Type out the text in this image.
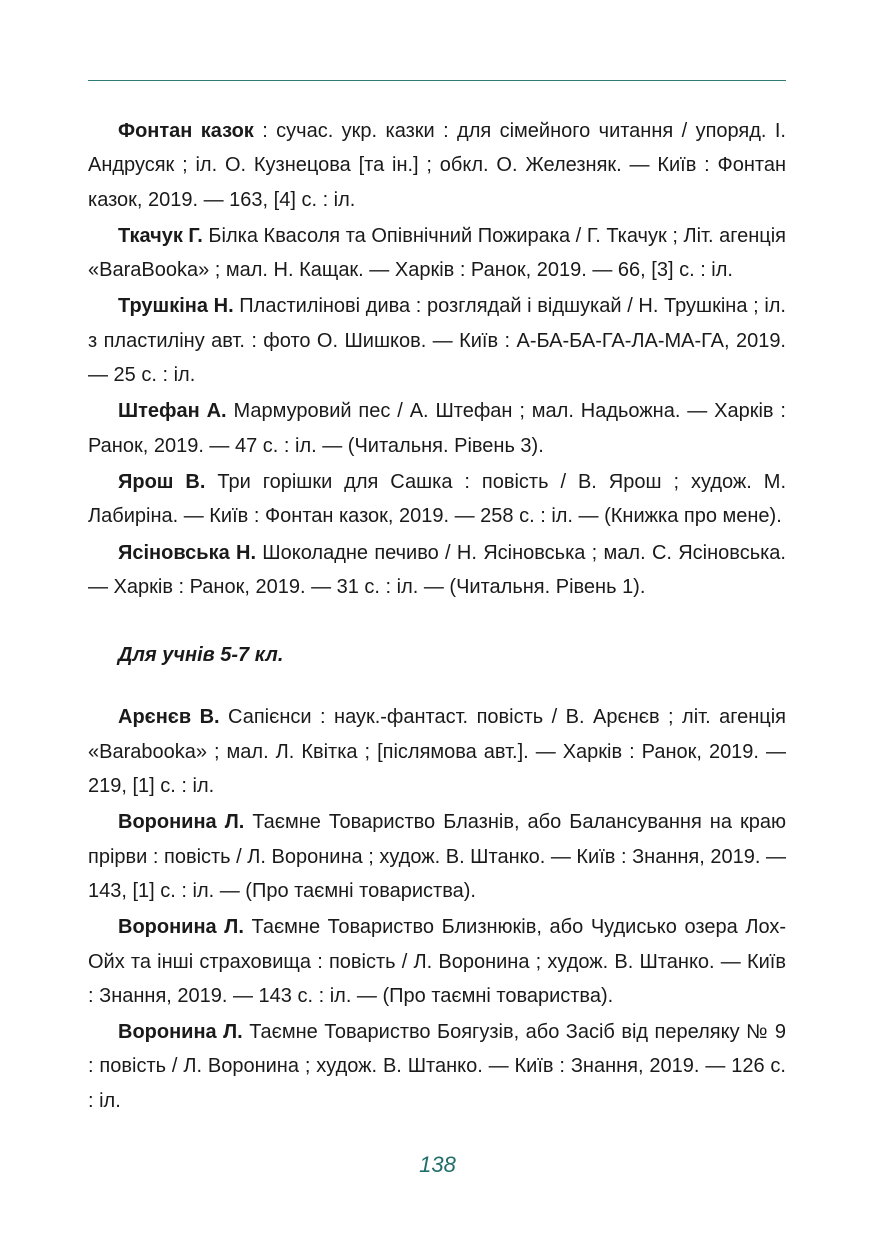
Фонтан казок : сучас. укр. казки : для сімейного читання / упоряд. І. Андрусяк ; іл. О. Кузнецова [та ін.] ; обкл. О. Железняк. — Київ : Фонтан казок, 2019. — 163, [4] с. : іл.

Ткачук Г. Білка Квасоля та Опівнічний Пожирака / Г. Ткачук ; Літ. агенція «BaraBooka» ; мал. Н. Кащак. — Харків : Ранок, 2019. — 66, [3] с. : іл.

Трушкіна Н. Пластилінові дива : розглядай і відшукай / Н. Трушкіна ; іл. з пластиліну авт. : фото О. Шишков. — Київ : А-БА-БА-ГА-ЛА-МА-ГА, 2019. — 25 с. : іл.

Штефан А. Мармуровий пес / А. Штефан ; мал. Надьожна. — Харків : Ранок, 2019. — 47 с. : іл. — (Читальня. Рівень 3).

Ярош В. Три горішки для Сашка : повість / В. Ярош ; худож. М. Лабиріна. — Київ : Фонтан казок, 2019. — 258 с. : іл. — (Книжка про мене).

Ясіновська Н. Шоколадне печиво / Н. Ясіновська ; мал. С. Ясіновська. — Харків : Ранок, 2019. — 31 с. : іл. — (Читальня. Рівень 1).

Для учнів 5-7 кл.

Арєнєв В. Сапієнси : наук.-фантаст. повість / В. Арєнєв ; літ. агенція «Barabooka» ; мал. Л. Квітка ; [післямова авт.]. — Харків : Ранок, 2019. — 219, [1] с. : іл.

Воронина Л. Таємне Товариство Блазнів, або Балансування на краю прірви : повість / Л. Воронина ; худож. В. Штанко. — Київ : Знання, 2019. — 143, [1] с. : іл. — (Про таємні товариства).

Воронина Л. Таємне Товариство Близнюків, або Чудисько озера Лох-Ойх та інші страховища : повість / Л. Воронина ; худож. В. Штанко. — Київ : Знання, 2019. — 143 с. : іл. — (Про таємні товариства).

Воронина Л. Таємне Товариство Боягузів, або Засіб від переляку № 9 : повість / Л. Воронина ; худож. В. Штанко. — Київ : Знання, 2019. — 126 с. : іл.

138
